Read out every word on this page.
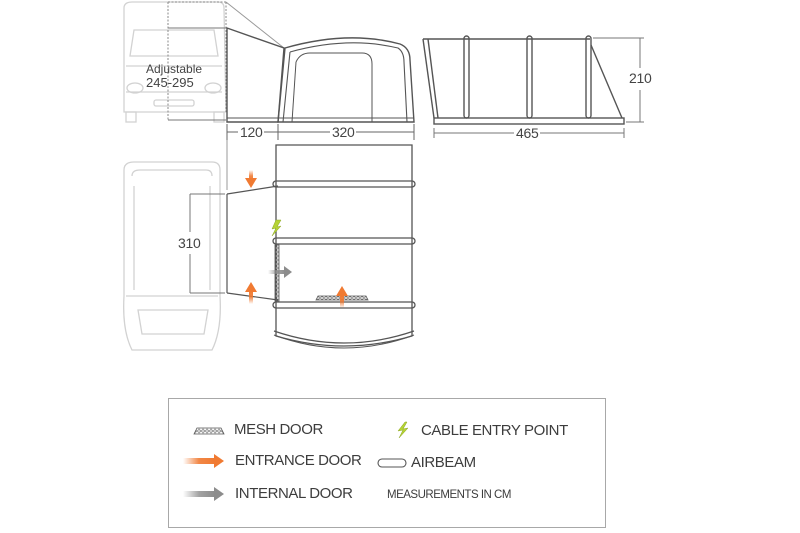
Adjustable
245-295
120	320
210
465
310
MESH DOOR
ENTRANCE DOOR
INTERNAL DOOR
CABLE ENTRY POINT
AIRBEAM
MEASUREMENTS IN CM
